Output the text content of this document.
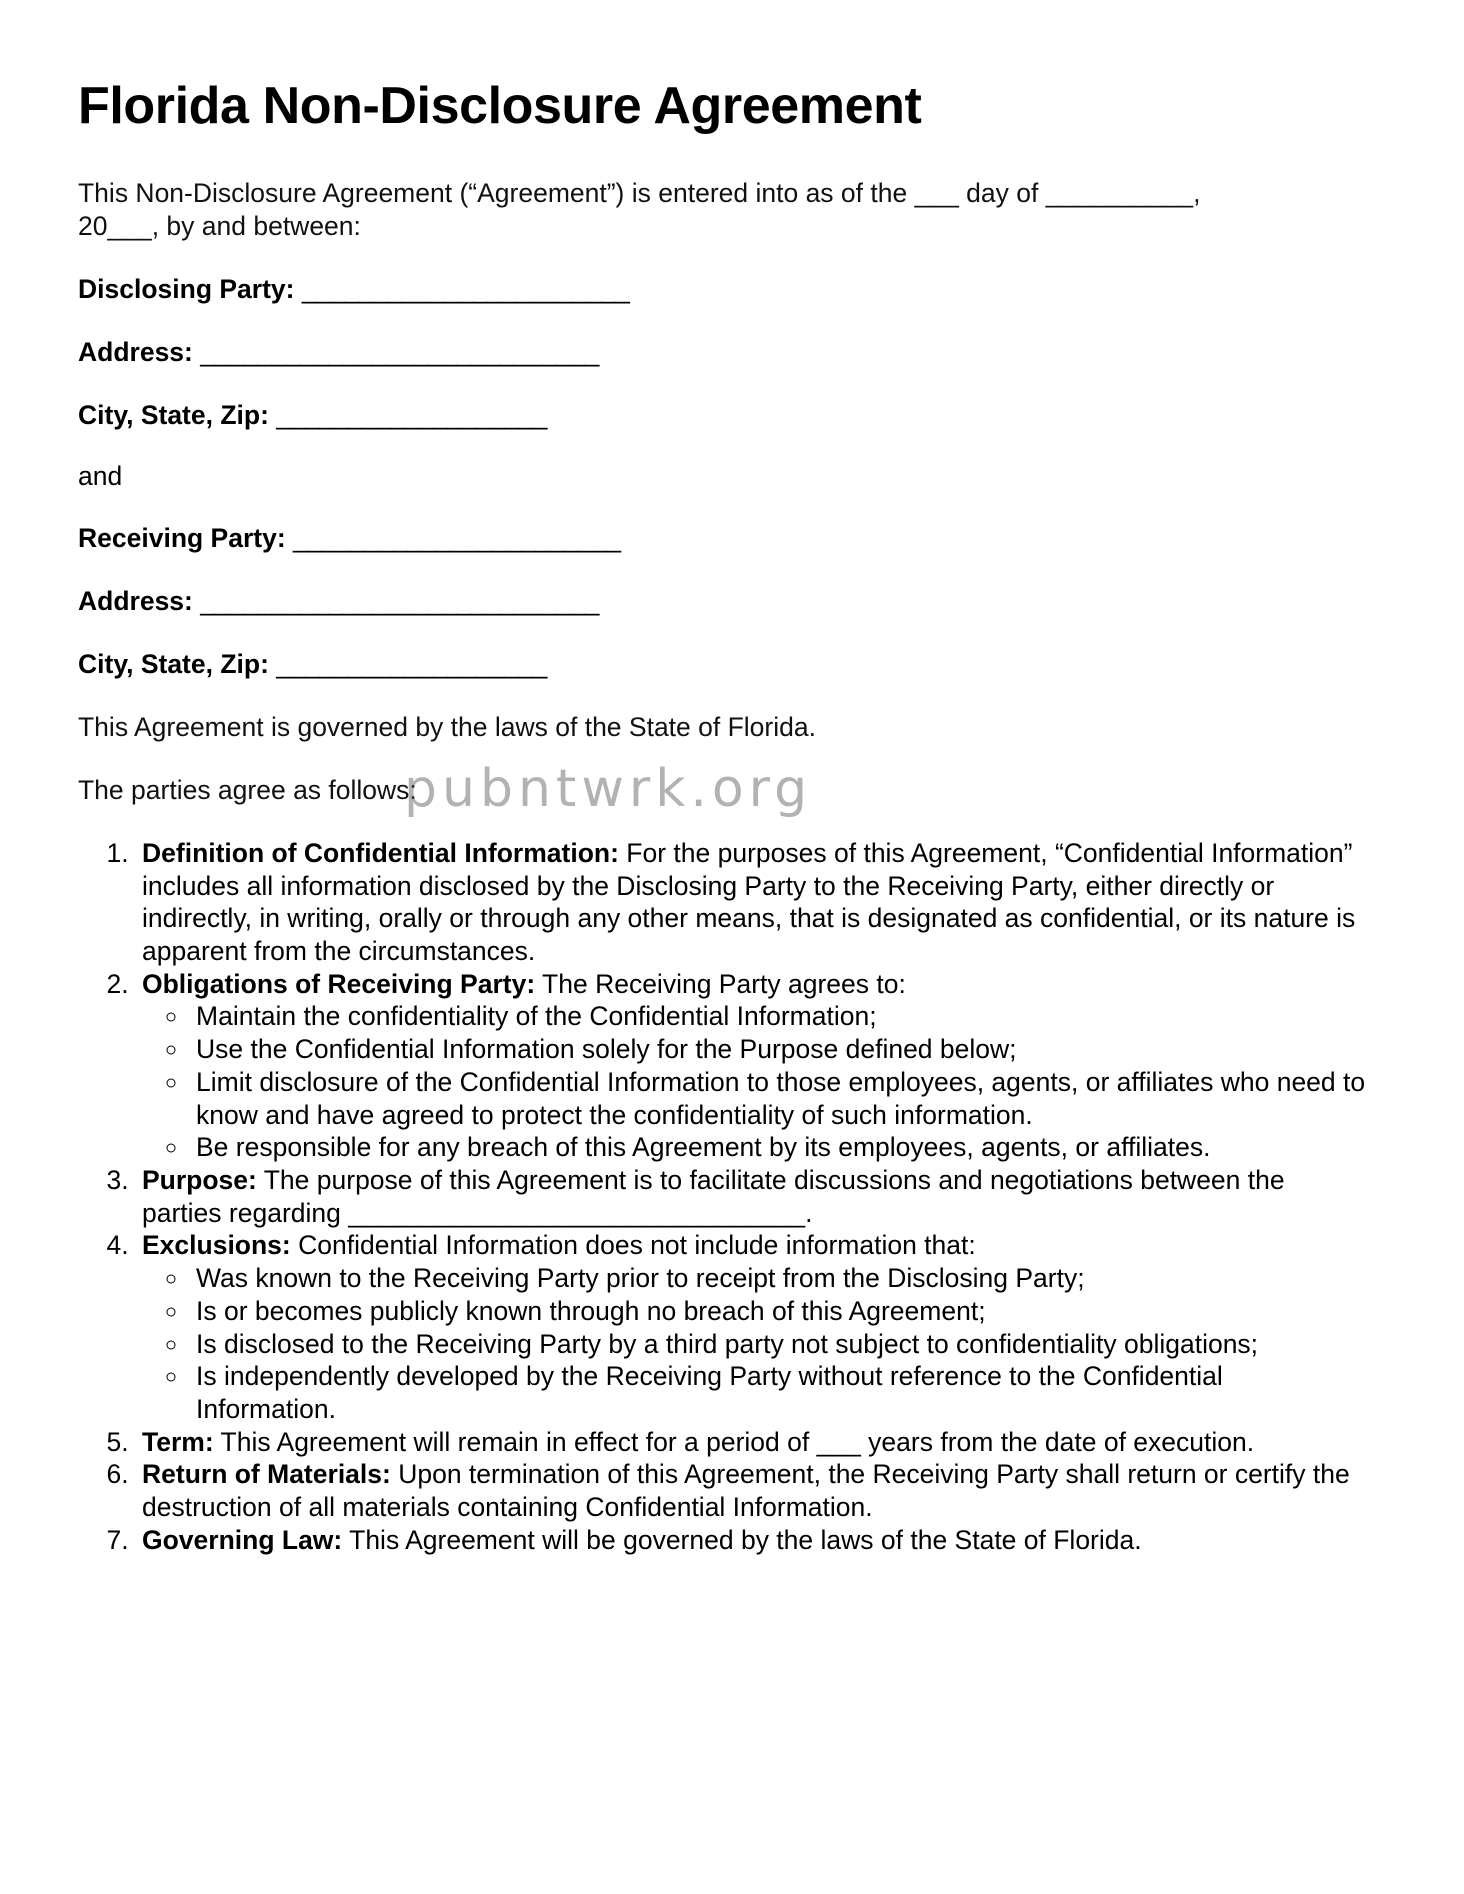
Florida Non-Disclosure Agreement

This Non-Disclosure Agreement (“Agreement”) is entered into as of the ___ day of __________, 20___, by and between:

Disclosing Party: _______________________
Address: ____________________________
City, State, Zip: ___________________
and
Receiving Party: _______________________
Address: ____________________________
City, State, Zip: ___________________

This Agreement is governed by the laws of the State of Florida.

The parties agree as follows:

1. Definition of Confidential Information: For the purposes of this Agreement, “Confidential Information” includes all information disclosed by the Disclosing Party to the Receiving Party, either directly or indirectly, in writing, orally or through any other means, that is designated as confidential, or its nature is apparent from the circumstances.
2. Obligations of Receiving Party: The Receiving Party agrees to:
◦ Maintain the confidentiality of the Confidential Information;
◦ Use the Confidential Information solely for the Purpose defined below;
◦ Limit disclosure of the Confidential Information to those employees, agents, or affiliates who need to know and have agreed to protect the confidentiality of such information.
◦ Be responsible for any breach of this Agreement by its employees, agents, or affiliates.
3. Purpose: The purpose of this Agreement is to facilitate discussions and negotiations between the parties regarding _______________________________.
4. Exclusions: Confidential Information does not include information that:
◦ Was known to the Receiving Party prior to receipt from the Disclosing Party;
◦ Is or becomes publicly known through no breach of this Agreement;
◦ Is disclosed to the Receiving Party by a third party not subject to confidentiality obligations;
◦ Is independently developed by the Receiving Party without reference to the Confidential Information.
5. Term: This Agreement will remain in effect for a period of ___ years from the date of execution.
6. Return of Materials: Upon termination of this Agreement, the Receiving Party shall return or certify the destruction of all materials containing Confidential Information.
7. Governing Law: This Agreement will be governed by the laws of the State of Florida.
pubntwrk.org
